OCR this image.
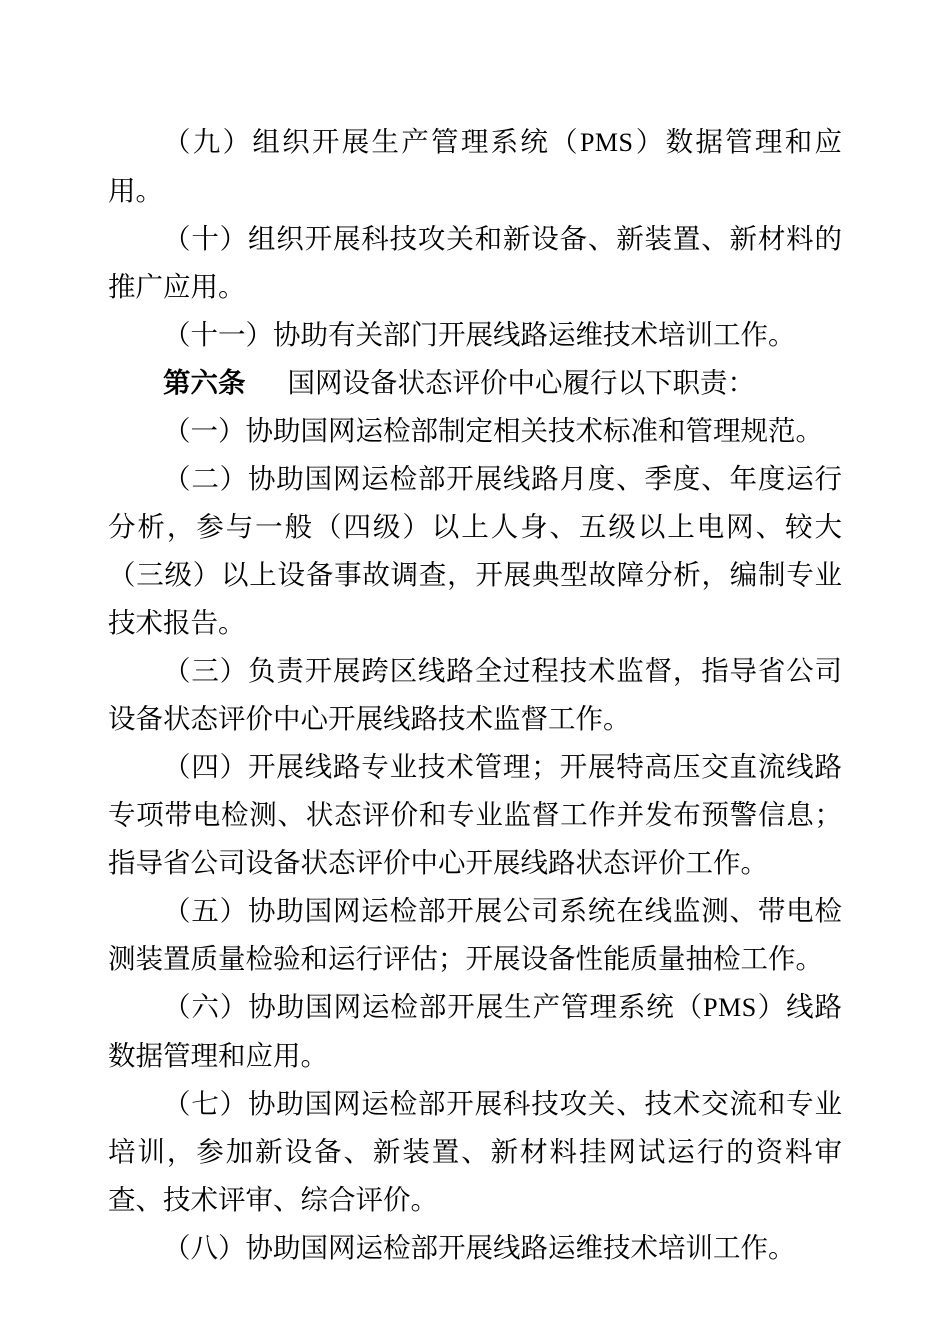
（九）组织开展生产管理系统（PMS）数据管理和应用。

（十）组织开展科技攻关和新设备、新装置、新材料的推广应用。

（十一）协助有关部门开展线路运维技术培训工作。

第六条 国网设备状态评价中心履行以下职责：

（一）协助国网运检部制定相关技术标准和管理规范。

（二）协助国网运检部开展线路月度、季度、年度运行分析，参与一般（四级）以上人身、五级以上电网、较大（三级）以上设备事故调查，开展典型故障分析，编制专业技术报告。

（三）负责开展跨区线路全过程技术监督，指导省公司设备状态评价中心开展线路技术监督工作。

（四）开展线路专业技术管理；开展特高压交直流线路专项带电检测、状态评价和专业监督工作并发布预警信息；指导省公司设备状态评价中心开展线路状态评价工作。

（五）协助国网运检部开展公司系统在线监测、带电检测装置质量检验和运行评估；开展设备性能质量抽检工作。

（六）协助国网运检部开展生产管理系统（PMS）线路数据管理和应用。

（七）协助国网运检部开展科技攻关、技术交流和专业培训，参加新设备、新装置、新材料挂网试运行的资料审查、技术评审、综合评价。

（八）协助国网运检部开展线路运维技术培训工作。
